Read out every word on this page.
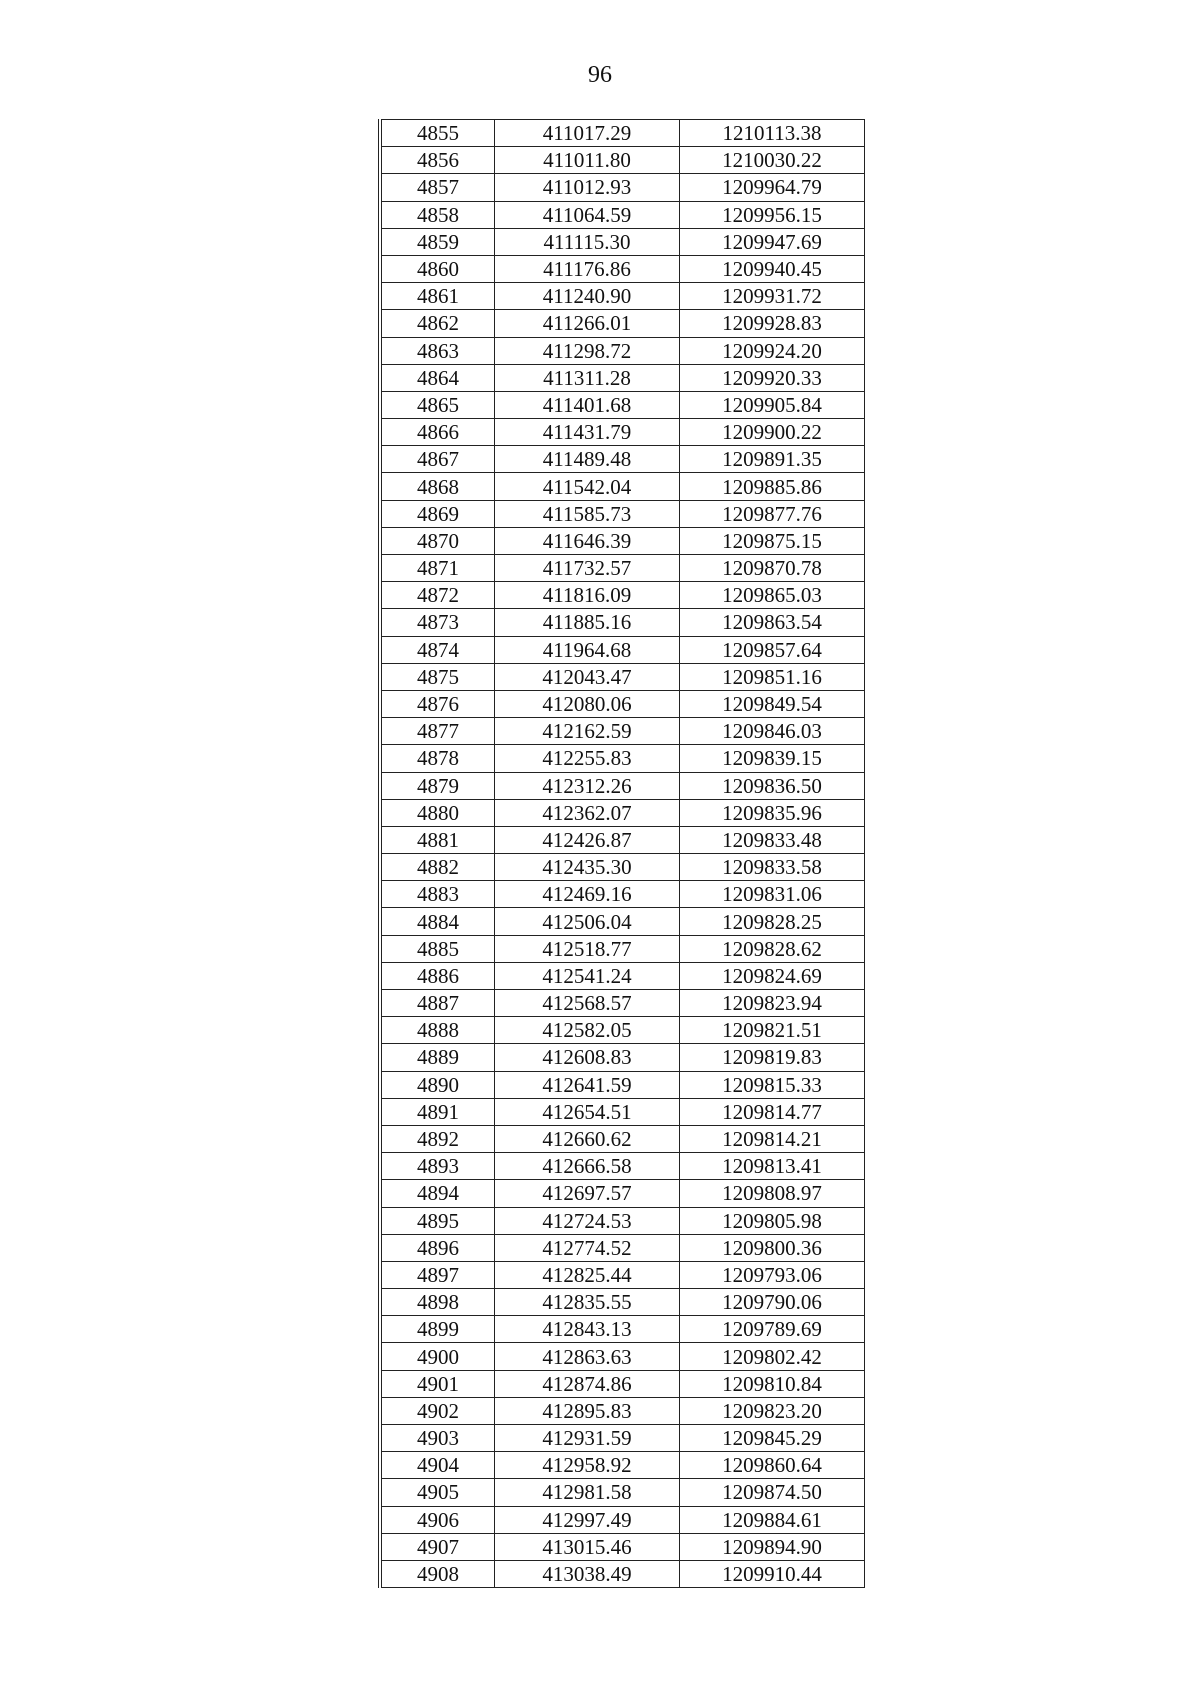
96
4855	411017.29	1210113.38
4856	411011.80	1210030.22
4857	411012.93	1209964.79
4858	411064.59	1209956.15
4859	411115.30	1209947.69
4860	411176.86	1209940.45
4861	411240.90	1209931.72
4862	411266.01	1209928.83
4863	411298.72	1209924.20
4864	411311.28	1209920.33
4865	411401.68	1209905.84
4866	411431.79	1209900.22
4867	411489.48	1209891.35
4868	411542.04	1209885.86
4869	411585.73	1209877.76
4870	411646.39	1209875.15
4871	411732.57	1209870.78
4872	411816.09	1209865.03
4873	411885.16	1209863.54
4874	411964.68	1209857.64
4875	412043.47	1209851.16
4876	412080.06	1209849.54
4877	412162.59	1209846.03
4878	412255.83	1209839.15
4879	412312.26	1209836.50
4880	412362.07	1209835.96
4881	412426.87	1209833.48
4882	412435.30	1209833.58
4883	412469.16	1209831.06
4884	412506.04	1209828.25
4885	412518.77	1209828.62
4886	412541.24	1209824.69
4887	412568.57	1209823.94
4888	412582.05	1209821.51
4889	412608.83	1209819.83
4890	412641.59	1209815.33
4891	412654.51	1209814.77
4892	412660.62	1209814.21
4893	412666.58	1209813.41
4894	412697.57	1209808.97
4895	412724.53	1209805.98
4896	412774.52	1209800.36
4897	412825.44	1209793.06
4898	412835.55	1209790.06
4899	412843.13	1209789.69
4900	412863.63	1209802.42
4901	412874.86	1209810.84
4902	412895.83	1209823.20
4903	412931.59	1209845.29
4904	412958.92	1209860.64
4905	412981.58	1209874.50
4906	412997.49	1209884.61
4907	413015.46	1209894.90
4908	413038.49	1209910.44
